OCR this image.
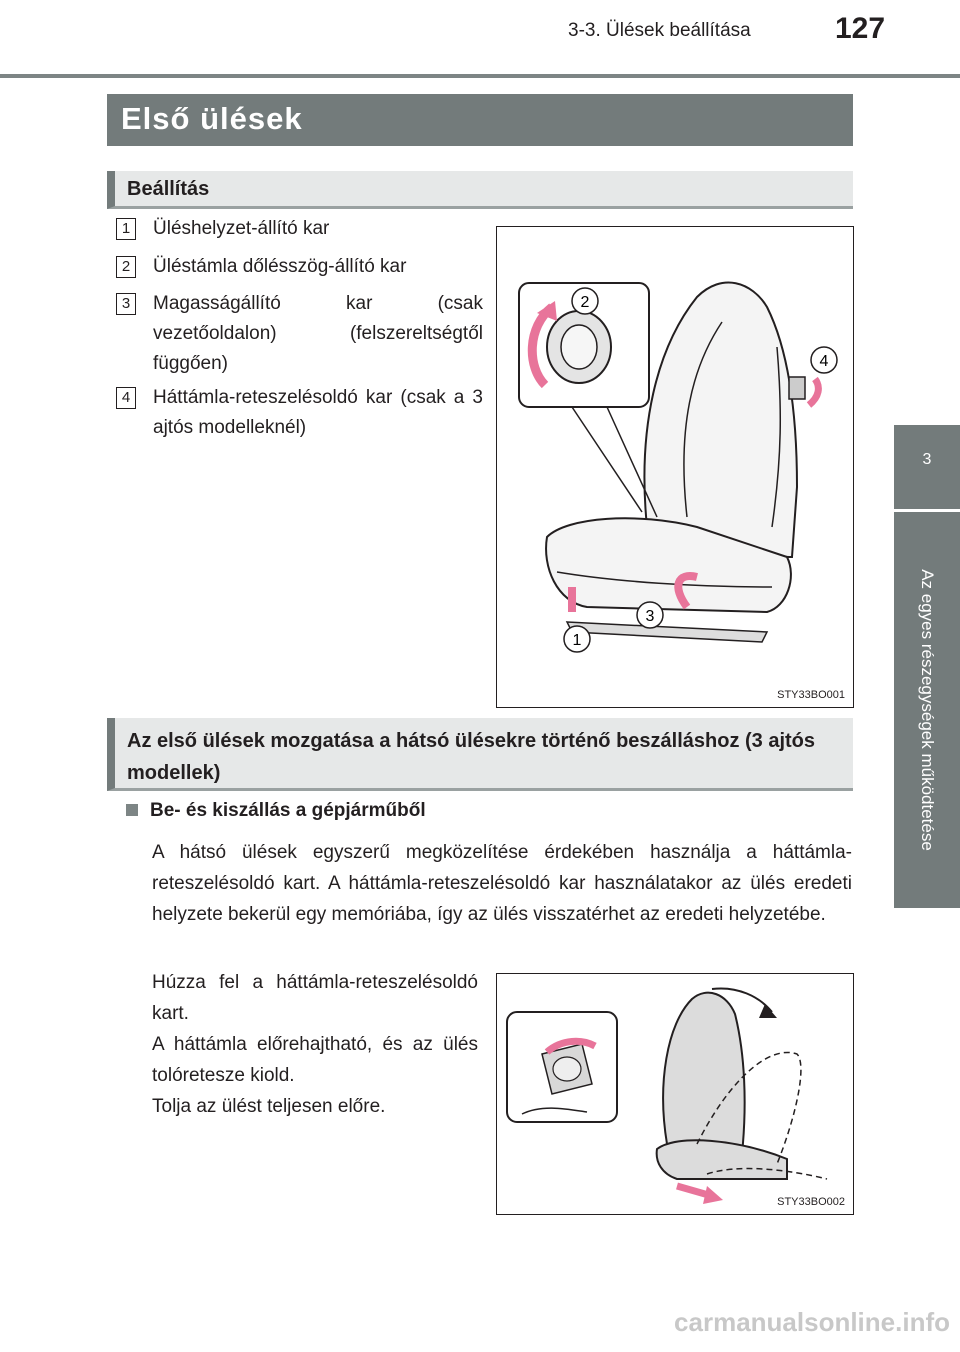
3-3. Ülések beállítása	127
3
Az egyes részegységek működtetése
Első ülések
Beállítás
1	Üléshelyzet-állító kar
2	Üléstámla dőlésszög-állító kar
3	Magasságállító kar (csak vezetőoldalon) (felszereltségtől függően)
4	Háttámla-reteszelésoldó kar (csak a 3 ajtós modelleknél)
2
4
3
1
STY33BO001
Az első ülések mozgatása a hátsó ülésekre történő beszálláshoz (3 ajtós modellek)
Be- és kiszállás a gépjárműből
A hátsó ülések egyszerű megközelítése érdekében használja a háttámla-reteszelésoldó kart. A háttámla-reteszelésoldó kar használatakor az ülés eredeti helyzete bekerül egy memóriába, így az ülés visszatérhet az eredeti helyzetébe.
Húzza fel a háttámla-reteszelésoldó kart.
A háttámla előrehajtható, és az ülés tolóretesze kiold.
Tolja az ülést teljesen előre.
STY33BO002
carmanualsonline.info
